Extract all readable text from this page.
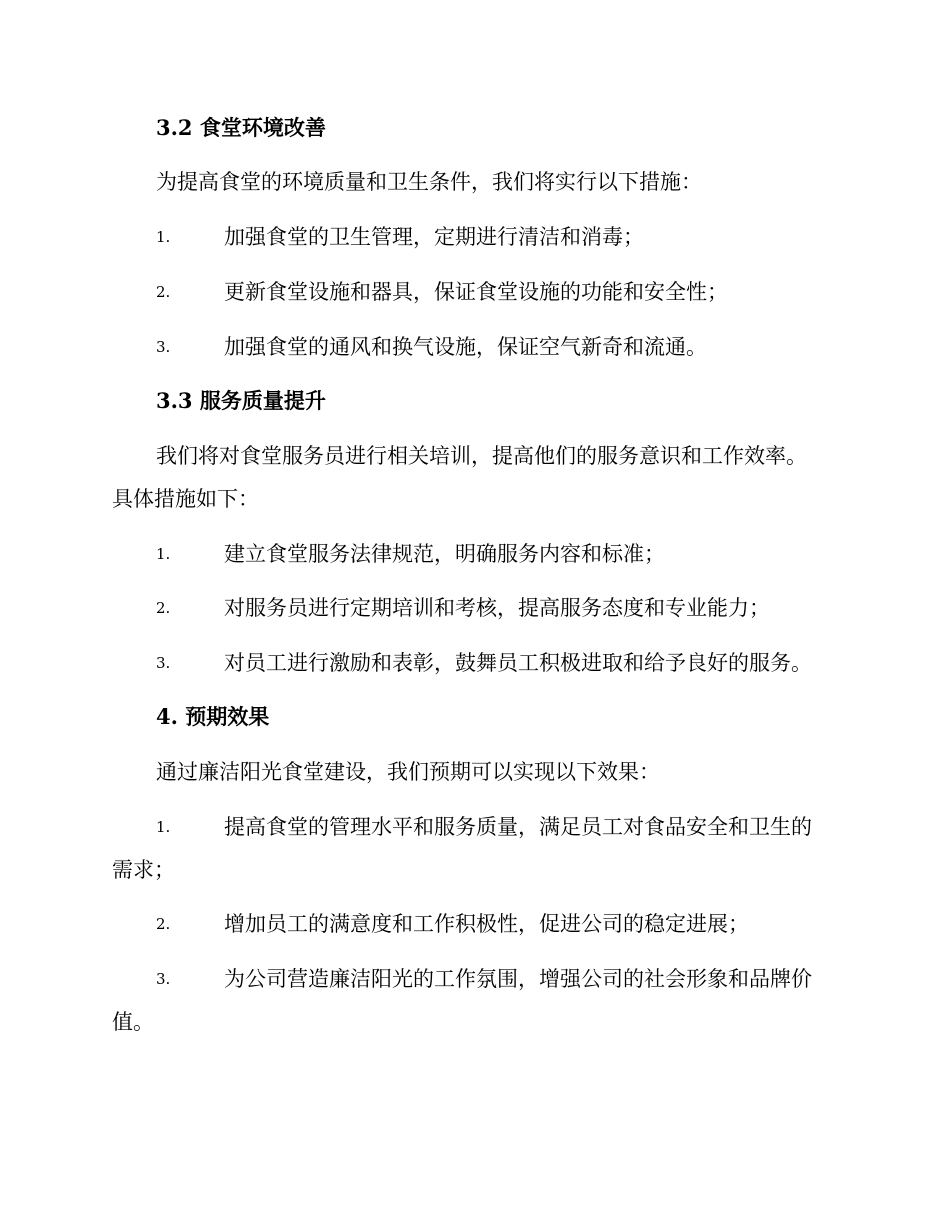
3.2 食堂环境改善
为提高食堂的环境质量和卫生条件，我们将实行以下措施：
1.	加强食堂的卫生管理，定期进行清洁和消毒；
2.	更新食堂设施和器具，保证食堂设施的功能和安全性；
3.	加强食堂的通风和换气设施，保证空气新奇和流通。
3.3 服务质量提升
我们将对食堂服务员进行相关培训，提高他们的服务意识和工作效率。
具体措施如下：
1.	建立食堂服务法律规范，明确服务内容和标准；
2.	对服务员进行定期培训和考核，提高服务态度和专业能力；
3.	对员工进行激励和表彰，鼓舞员工积极进取和给予良好的服务。
4. 预期效果
通过廉洁阳光食堂建设，我们预期可以实现以下效果：
1.	提高食堂的管理水平和服务质量，满足员工对食品安全和卫生的
需求；
2.	增加员工的满意度和工作积极性，促进公司的稳定进展；
3.	为公司营造廉洁阳光的工作氛围，增强公司的社会形象和品牌价
值。
